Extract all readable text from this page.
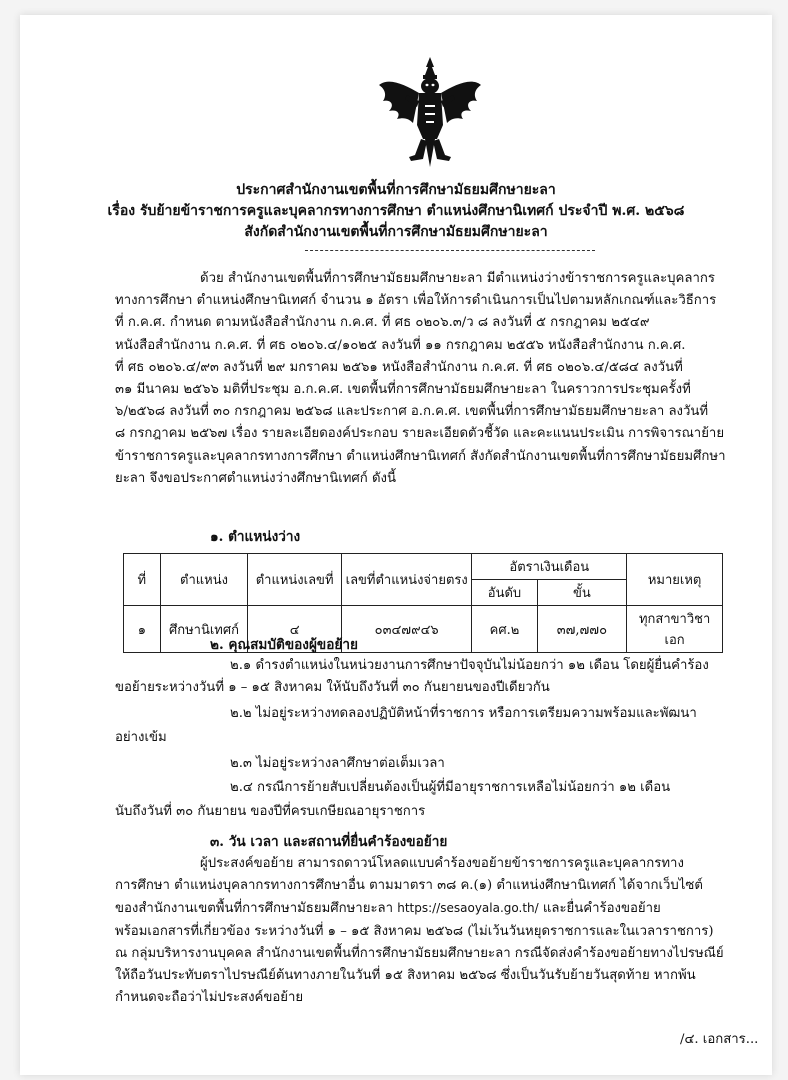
ประกาศสำนักงานเขตพื้นที่การศึกษามัธยมศึกษายะลา
เรื่อง รับย้ายข้าราชการครูและบุคลากรทางการศึกษา ตำแหน่งศึกษานิเทศก์ ประจำปี พ.ศ. ๒๕๖๘
สังกัดสำนักงานเขตพื้นที่การศึกษามัธยมศึกษายะลา
ด้วย สำนักงานเขตพื้นที่การศึกษามัธยมศึกษายะลา มีตำแหน่งว่างข้าราชการครูและบุคลากร
ทางการศึกษา ตำแหน่งศึกษานิเทศก์ จำนวน ๑ อัตรา เพื่อให้การดำเนินการเป็นไปตามหลักเกณฑ์และวิธีการ
ที่ ก.ค.ศ. กำหนด ตามหนังสือสำนักงาน ก.ค.ศ. ที่ ศธ ๐๒๐๖.๓/ว ๘ ลงวันที่ ๕ กรกฎาคม ๒๕๔๙
หนังสือสำนักงาน ก.ค.ศ. ที่ ศธ ๐๒๐๖.๔/๑๐๒๕ ลงวันที่ ๑๑ กรกฎาคม ๒๕๕๖ หนังสือสำนักงาน ก.ค.ศ.
ที่ ศธ ๐๒๐๖.๔/๙๓ ลงวันที่ ๒๙ มกราคม ๒๕๖๑ หนังสือสำนักงาน ก.ค.ศ. ที่ ศธ ๐๒๐๖.๔/๕๘๔ ลงวันที่
๓๑ มีนาคม ๒๕๖๖ มติที่ประชุม อ.ก.ค.ศ. เขตพื้นที่การศึกษามัธยมศึกษายะลา ในคราวการประชุมครั้งที่
๖/๒๕๖๘ ลงวันที่ ๓๐ กรกฎาคม ๒๕๖๘ และประกาศ อ.ก.ค.ศ. เขตพื้นที่การศึกษามัธยมศึกษายะลา ลงวันที่
๘ กรกฎาคม ๒๕๖๗ เรื่อง รายละเอียดองค์ประกอบ รายละเอียดตัวชี้วัด และคะแนนประเมิน การพิจารณาย้าย
ข้าราชการครูและบุคลากรทางการศึกษา ตำแหน่งศึกษานิเทศก์ สังกัดสำนักงานเขตพื้นที่การศึกษามัธยมศึกษา
ยะลา จึงขอประกาศตำแหน่งว่างศึกษานิเทศก์ ดังนี้
๑. ตำแหน่งว่าง
ที่	ตำแหน่ง	ตำแหน่งเลขที่	เลขที่ตำแหน่งจ่ายตรง	อัตราเงินเดือน		หมายเหตุ
				อันดับ	ขั้น	
๑	ศึกษานิเทศก์	๔	๐๓๔๗๙๔๖	คศ.๒	๓๗,๗๗๐	ทุกสาขาวิชาเอก
๒. คุณสมบัติของผู้ขอย้าย
๒.๑ ดำรงตำแหน่งในหน่วยงานการศึกษาปัจจุบันไม่น้อยกว่า ๑๒ เดือน โดยผู้ยื่นคำร้อง
ขอย้ายระหว่างวันที่ ๑ – ๑๕ สิงหาคม ให้นับถึงวันที่ ๓๐ กันยายนของปีเดียวกัน
๒.๒ ไม่อยู่ระหว่างทดลองปฏิบัติหน้าที่ราชการ หรือการเตรียมความพร้อมและพัฒนา
อย่างเข้ม
๒.๓ ไม่อยู่ระหว่างลาศึกษาต่อเต็มเวลา
๒.๔ กรณีการย้ายสับเปลี่ยนต้องเป็นผู้ที่มีอายุราชการเหลือไม่น้อยกว่า ๑๒ เดือน
นับถึงวันที่ ๓๐ กันยายน ของปีที่ครบเกษียณอายุราชการ
๓. วัน เวลา และสถานที่ยื่นคำร้องขอย้าย
ผู้ประสงค์ขอย้าย สามารถดาวน์โหลดแบบคำร้องขอย้ายข้าราชการครูและบุคลากรทาง
การศึกษา ตำแหน่งบุคลากรทางการศึกษาอื่น ตามมาตรา ๓๘ ค.(๑) ตำแหน่งศึกษานิเทศก์ ได้จากเว็บไซต์
ของสำนักงานเขตพื้นที่การศึกษามัธยมศึกษายะลา https://sesaoyala.go.th/ และยื่นคำร้องขอย้าย
พร้อมเอกสารที่เกี่ยวข้อง ระหว่างวันที่ ๑ – ๑๕ สิงหาคม ๒๕๖๘ (ไม่เว้นวันหยุดราชการและในเวลาราชการ)
ณ กลุ่มบริหารงานบุคคล สำนักงานเขตพื้นที่การศึกษามัธยมศึกษายะลา กรณีจัดส่งคำร้องขอย้ายทางไปรษณีย์
ให้ถือวันประทับตราไปรษณีย์ต้นทางภายในวันที่ ๑๕ สิงหาคม ๒๕๖๘ ซึ่งเป็นวันรับย้ายวันสุดท้าย หากพ้น
กำหนดจะถือว่าไม่ประสงค์ขอย้าย
/๔. เอกสาร...
